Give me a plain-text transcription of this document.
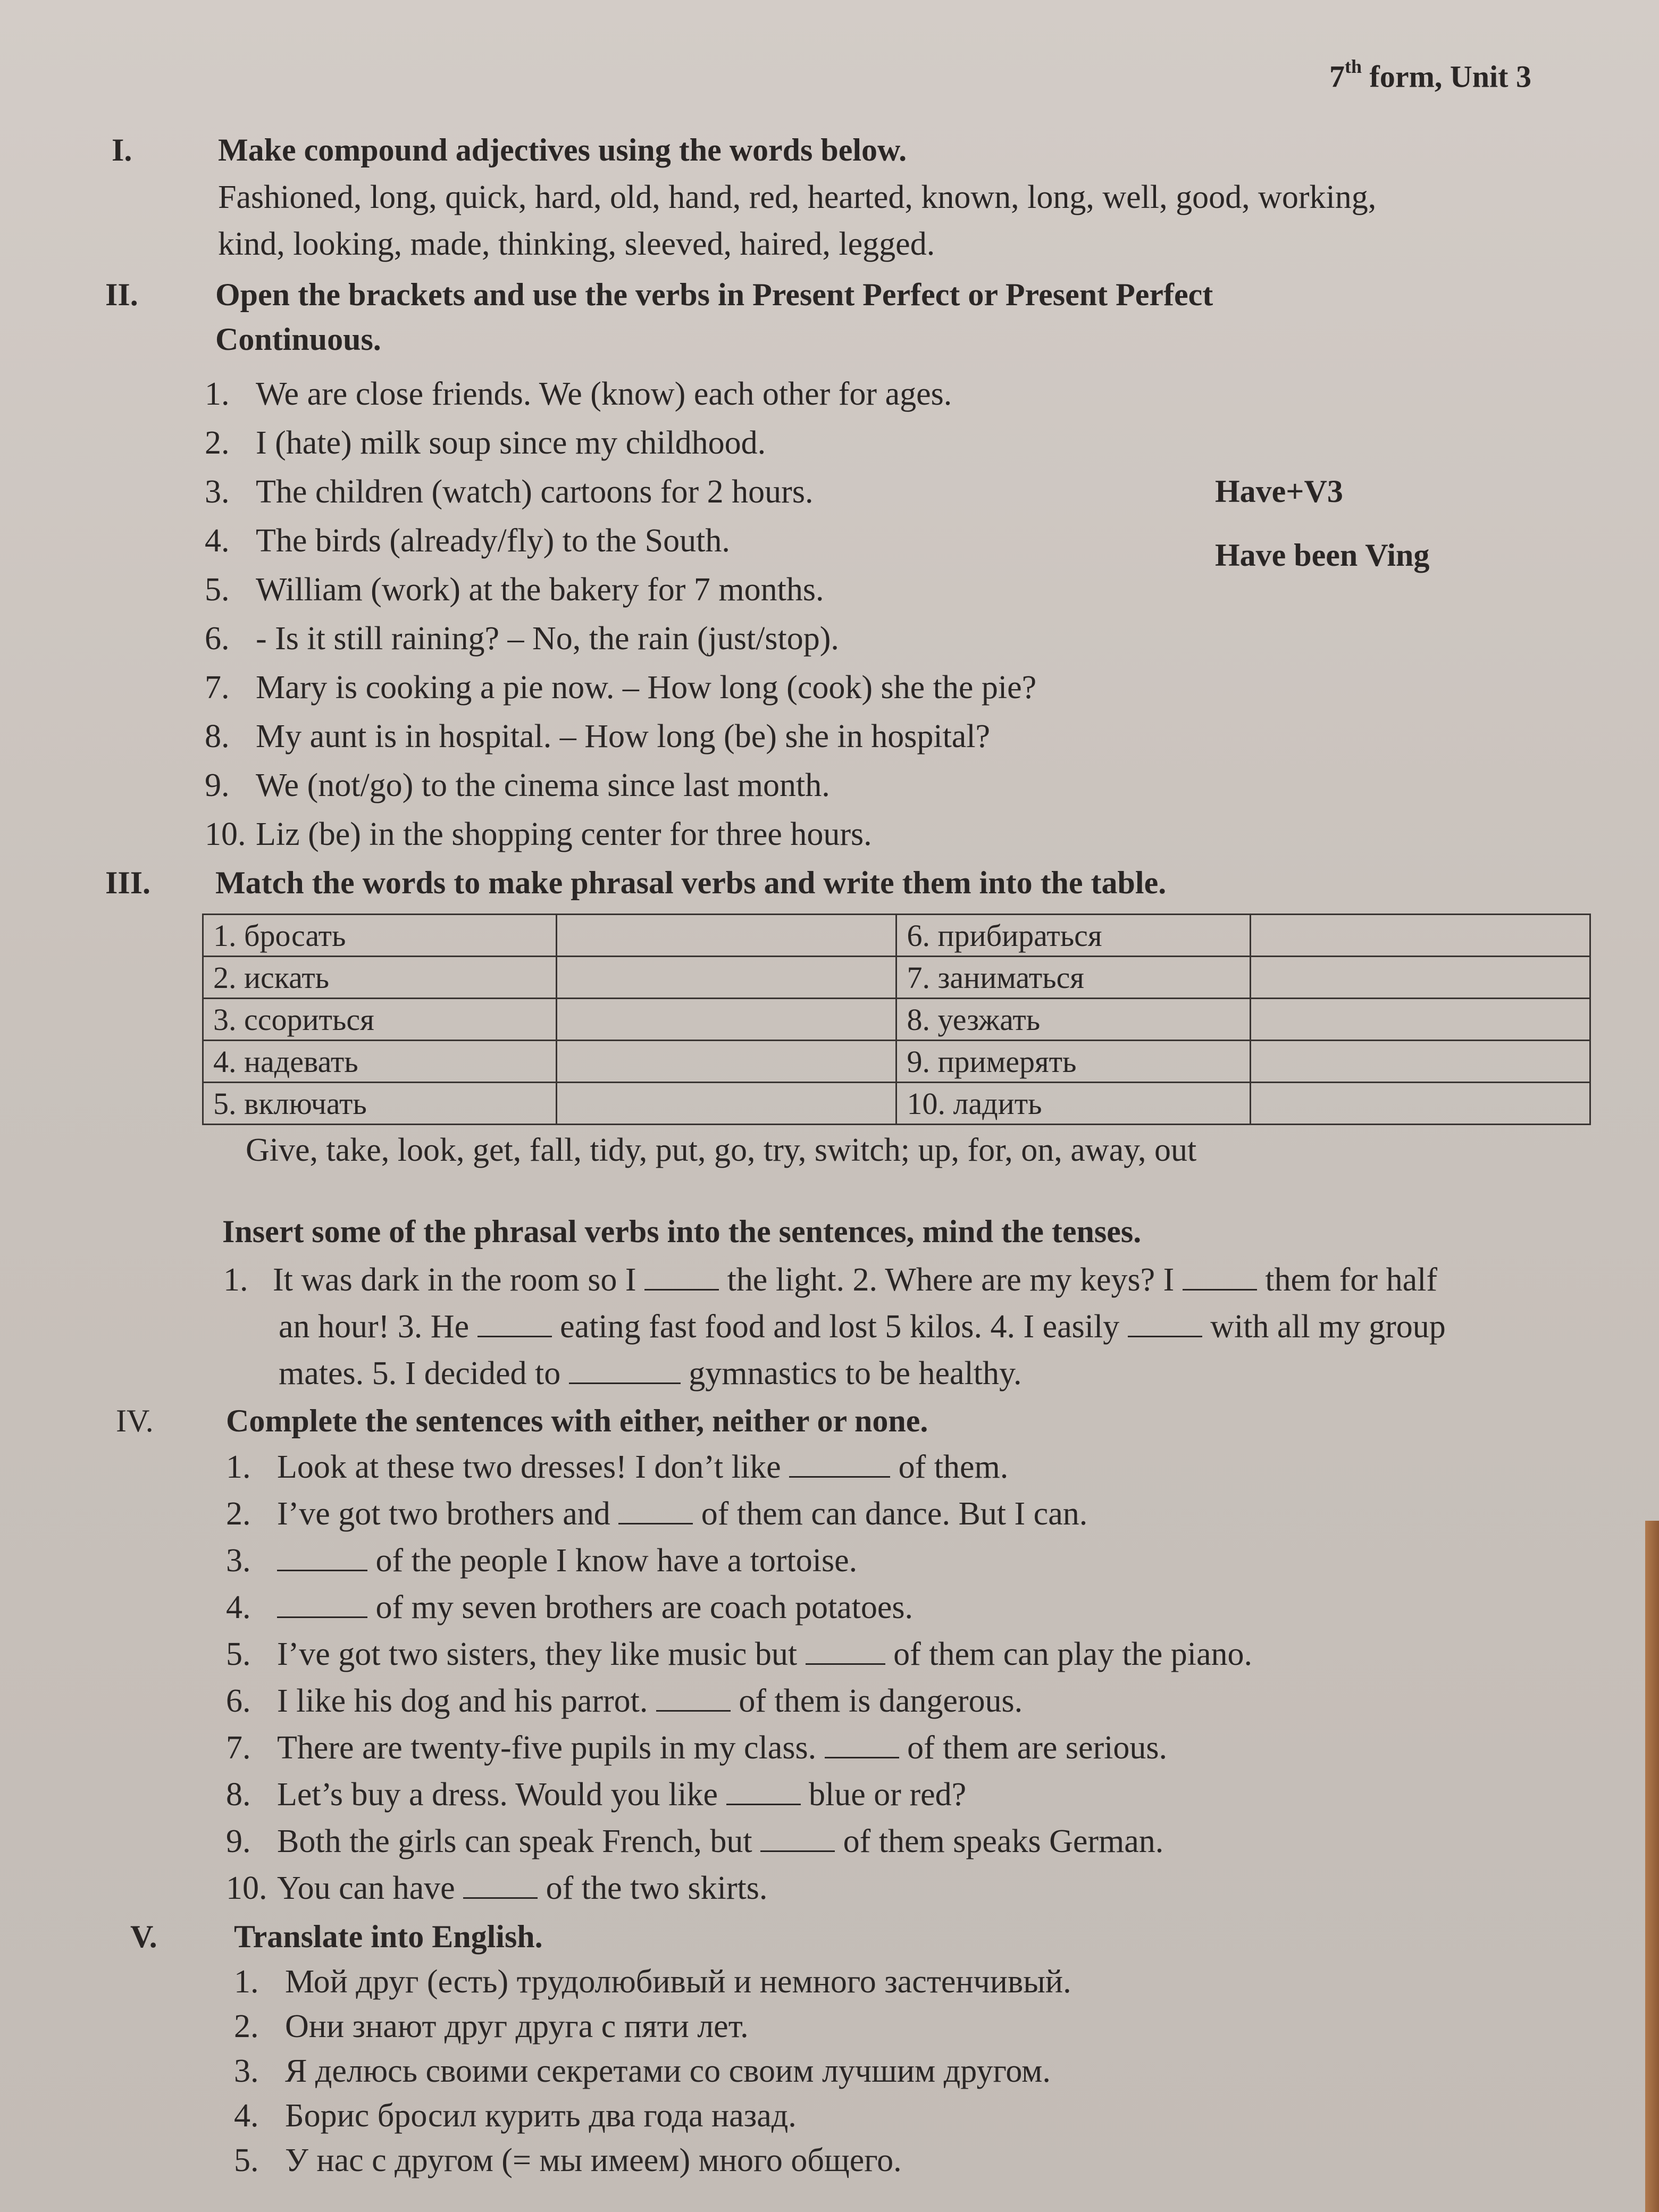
7th form, Unit 3
I.	Make compound adjectives using the words below.
Fashioned, long, quick, hard, old, hand, red, hearted, known, long, well, good, working,
kind, looking, made, thinking, sleeved, haired, legged.
II. Open the brackets and use the verbs in Present Perfect or Present Perfect
Continuous.
1. We are close friends. We (know) each other for ages.
2. I (hate) milk soup since my childhood.
3. The children (watch) cartoons for 2 hours.
4. The birds (already/fly) to the South.
5. William (work) at the bakery for 7 months.
6. - Is it still raining? – No, the rain (just/stop).
7. Mary is cooking a pie now. – How long (cook) she the pie?
8. My aunt is in hospital. – How long (be) she in hospital?
9. We (not/go) to the cinema since last month.
10. Liz (be) in the shopping center for three hours.
Have+V3
Have been Ving
III. Match the words to make phrasal verbs and write them into the table.
1. бросать		6. прибираться	
2. искать		7. заниматься	
3. ссориться		8. уезжать	
4. надевать		9. примерять	
5. включать		10. ладить	
Give, take, look, get, fall, tidy, put, go, try, switch; up, for, on, away, out
Insert some of the phrasal verbs into the sentences, mind the tenses.
1. It was dark in the room so I	the light. 2. Where are my keys? I	them for half
an hour! 3. He	eating fast food and lost 5 kilos. 4. I easily	with all my group
mates. 5. I decided to	gymnastics to be healthy.
IV. Complete the sentences with either, neither or none.
1. Look at these two dresses! I don’t like	of them.
2. I’ve got two brothers and	of them can dance. But I can.
3.	of the people I know have a tortoise.
4.	of my seven brothers are coach potatoes.
5. I’ve got two sisters, they like music but	of them can play the piano.
6. I like his dog and his parrot.	of them is dangerous.
7. There are twenty-five pupils in my class.	of them are serious.
8. Let’s buy a dress. Would you like	blue or red?
9. Both the girls can speak French, but	of them speaks German.
10. You can have	of the two skirts.
V. Translate into English.
1. Мой друг (есть) трудолюбивый и немного застенчивый.
2. Они знают друг друга с пяти лет.
3. Я делюсь своими секретами со своим лучшим другом.
4. Борис бросил курить два года назад.
5. У нас с другом (= мы имеем) много общего.
